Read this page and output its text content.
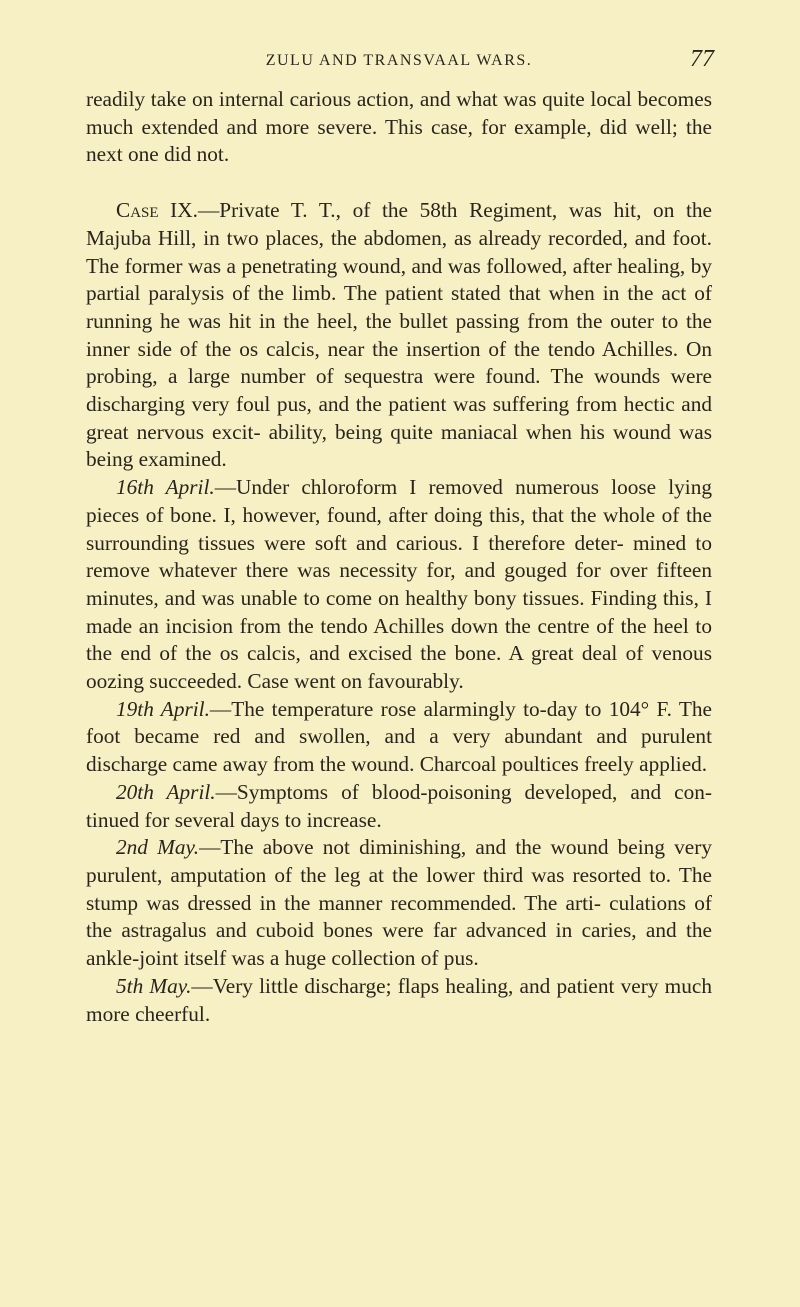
ZULU AND TRANSVAAL WARS.	77

readily take on internal carious action, and what was quite local becomes much extended and more severe. This case, for example, did well; the next one did not.

Case IX.—Private T. T., of the 58th Regiment, was hit, on the Majuba Hill, in two places, the abdomen, as already recorded, and foot. The former was a penetrating wound, and was followed, after healing, by partial paralysis of the limb. The patient stated that when in the act of running he was hit in the heel, the bullet passing from the outer to the inner side of the os calcis, near the insertion of the tendo Achilles. On probing, a large number of sequestra were found. The wounds were discharging very foul pus, and the patient was suffering from hectic and great nervous excit- ability, being quite maniacal when his wound was being examined.

16th April.—Under chloroform I removed numerous loose lying pieces of bone. I, however, found, after doing this, that the whole of the surrounding tissues were soft and carious. I therefore deter- mined to remove whatever there was necessity for, and gouged for over fifteen minutes, and was unable to come on healthy bony tissues. Finding this, I made an incision from the tendo Achilles down the centre of the heel to the end of the os calcis, and excised the bone. A great deal of venous oozing succeeded. Case went on favourably.

19th April.—The temperature rose alarmingly to-day to 104° F. The foot became red and swollen, and a very abundant and purulent discharge came away from the wound. Charcoal poultices freely applied.

20th April.—Symptoms of blood-poisoning developed, and con- tinued for several days to increase.

2nd May.—The above not diminishing, and the wound being very purulent, amputation of the leg at the lower third was resorted to. The stump was dressed in the manner recommended. The arti- culations of the astragalus and cuboid bones were far advanced in caries, and the ankle-joint itself was a huge collection of pus.

5th May.—Very little discharge; flaps healing, and patient very much more cheerful.
